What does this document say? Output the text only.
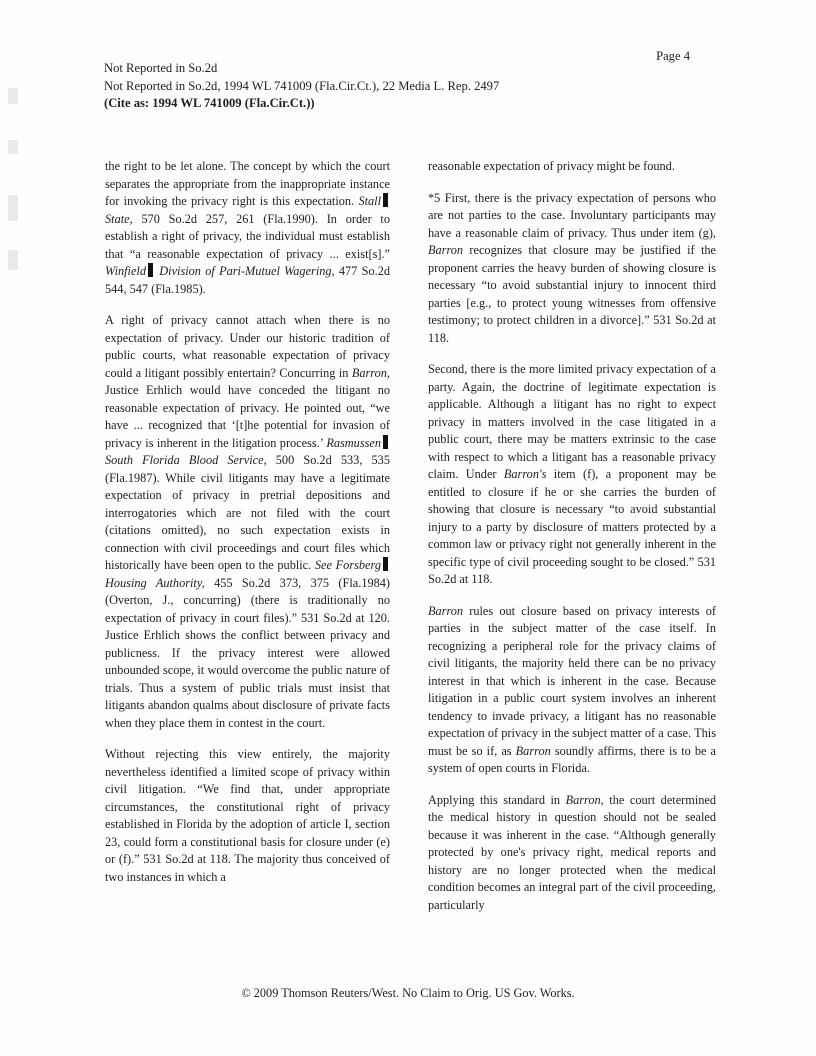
Page 4
Not Reported in So.2d
Not Reported in So.2d, 1994 WL 741009 (Fla.Cir.Ct.), 22 Media L. Rep. 2497
(Cite as: 1994 WL 741009 (Fla.Cir.Ct.))

the right to be let alone. The concept by which the court separates the appropriate from the inappropriate instance for invoking the privacy right is this expectation. Stall State, 570 So.2d 257, 261 (Fla.1990). In order to establish a right of privacy, the individual must establish that “a reasonable expectation of privacy ... exist[s].” Winfield Division of Pari-Mutuel Wagering, 477 So.2d 544, 547 (Fla.1985).

A right of privacy cannot attach when there is no expectation of privacy. Under our historic tradition of public courts, what reasonable expectation of privacy could a litigant possibly entertain? Concurring in Barron, Justice Erhlich would have conceded the litigant no reasonable expectation of privacy. He pointed out, “we have ... recognized that ‘[t]he potential for invasion of privacy is inherent in the litigation process.’ Rasmussen South Florida Blood Service, 500 So.2d 533, 535 (Fla.1987). While civil litigants may have a legitimate expectation of privacy in pretrial depositions and interrogatories which are not filed with the court (citations omitted), no such expectation exists in connection with civil proceedings and court files which historically have been open to the public. See Forsberg Housing Authority, 455 So.2d 373, 375 (Fla.1984) (Overton, J., concurring) (there is traditionally no expectation of privacy in court files).” 531 So.2d at 120. Justice Erhlich shows the conflict between privacy and publicness. If the privacy interest were allowed unbounded scope, it would overcome the public nature of trials. Thus a system of public trials must insist that litigants abandon qualms about disclosure of private facts when they place them in contest in the court.

Without rejecting this view entirely, the majority nevertheless identified a limited scope of privacy within civil litigation. “We find that, under appropriate circumstances, the constitutional right of privacy established in Florida by the adoption of article I, section 23, could form a constitutional basis for closure under (e) or (f).” 531 So.2d at 118. The majority thus conceived of two instances in which a

reasonable expectation of privacy might be found.

*5 First, there is the privacy expectation of persons who are not parties to the case. Involuntary participants may have a reasonable claim of privacy. Thus under item (g), Barron recognizes that closure may be justified if the proponent carries the heavy burden of showing closure is necessary “to avoid substantial injury to innocent third parties [e.g., to protect young witnesses from offensive testimony; to protect children in a divorce].” 531 So.2d at 118.

Second, there is the more limited privacy expectation of a party. Again, the doctrine of legitimate expectation is applicable. Although a litigant has no right to expect privacy in matters involved in the case litigated in a public court, there may be matters extrinsic to the case with respect to which a litigant has a reasonable privacy claim. Under Barron's item (f), a proponent may be entitled to closure if he or she carries the burden of showing that closure is necessary “to avoid substantial injury to a party by disclosure of matters protected by a common law or privacy right not generally inherent in the specific type of civil proceeding sought to be closed.” 531 So.2d at 118.

Barron rules out closure based on privacy interests of parties in the subject matter of the case itself. In recognizing a peripheral role for the privacy claims of civil litigants, the majority held there can be no privacy interest in that which is inherent in the case. Because litigation in a public court system involves an inherent tendency to invade privacy, a litigant has no reasonable expectation of privacy in the subject matter of a case. This must be so if, as Barron soundly affirms, there is to be a system of open courts in Florida.

Applying this standard in Barron, the court determined the medical history in question should not be sealed because it was inherent in the case. “Although generally protected by one's privacy right, medical reports and history are no longer protected when the medical condition becomes an integral part of the civil proceeding, particularly

© 2009 Thomson Reuters/West. No Claim to Orig. US Gov. Works.
